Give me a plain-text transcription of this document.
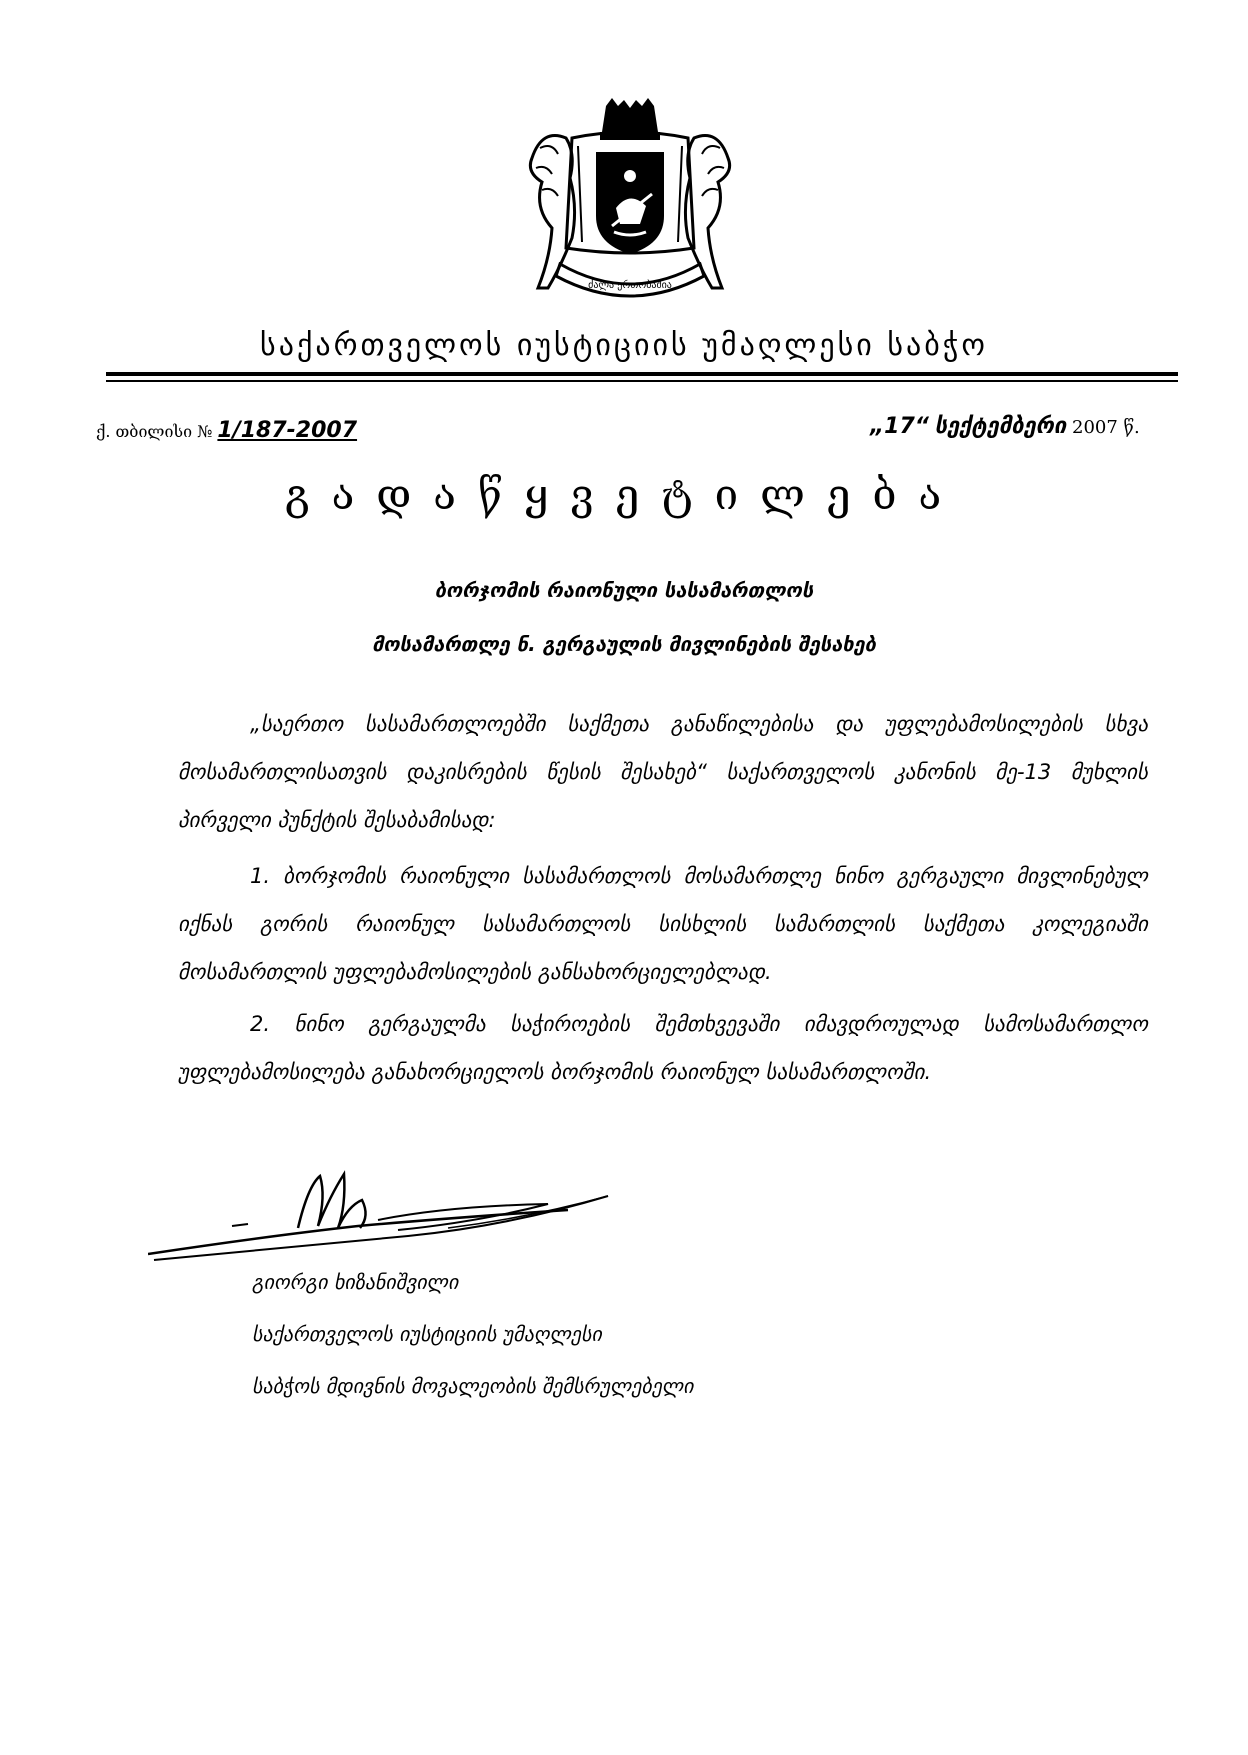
ძალა ერთობაშია
საქართველოს იუსტიციის უმაღლესი საბჭო
ქ. თბილისი № 1/187-2007	„17“ სექტემბერი 2007 წ.
გადაწყვეტილება
ბორჯომის რაიონული სასამართლოს
მოსამართლე ნ. გერგაულის მივლინების შესახებ
„საერთო სასამართლოებში საქმეთა განაწილებისა და უფლებამოსილების სხვა მოსამართლისათვის დაკისრების წესის შესახებ“ საქართველოს კანონის მე-13 მუხლის პირველი პუნქტის შესაბამისად:
1. ბორჯომის რაიონული სასამართლოს მოსამართლე ნინო გერგაული მივლინებულ იქნას გორის რაიონულ სასამართლოს სისხლის სამართლის საქმეთა კოლეგიაში მოსამართლის უფლებამოსილების განსახორციელებლად.
2. ნინო გერგაულმა საჭიროების შემთხვევაში იმავდროულად სამოსამართლო უფლებამოსილება განახორციელოს ბორჯომის რაიონულ სასამართლოში.
გიორგი ხიზანიშვილი
საქართველოს იუსტიციის უმაღლესი
საბჭოს მდივნის მოვალეობის შემსრულებელი
